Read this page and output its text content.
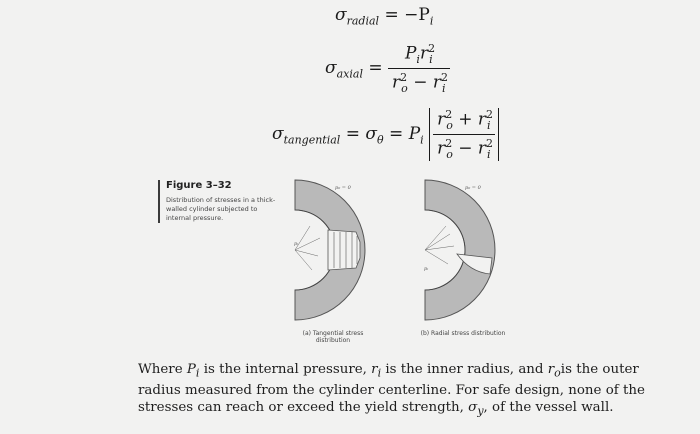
$\sigma_{radial} = -P_i$
$\sigma_{axial} = \frac{P_ir^2_i}{r^2_o - r^2_i}$
$\sigma_{tangential} = \sigma_\theta = P_i \frac{r^2_o + r^2_i}{r^2_o - r^2_i}$
Figure 3–32
Distribution of stresses in a thick-walled cylinder subjected to internal pressure.
pᵢ
p₀ = 0
pᵢ
p₀ = 0
(a) Tangential stress distribution
(b) Radial stress distribution
Where $P_i$ is the internal pressure, $r_i$ is the inner radius, and $r_ois$ the outer radius measured from the cylinder centerline. For safe design, none of the stresses can reach or exceed the yield strength, $\sigma_y$, of the vessel wall.
